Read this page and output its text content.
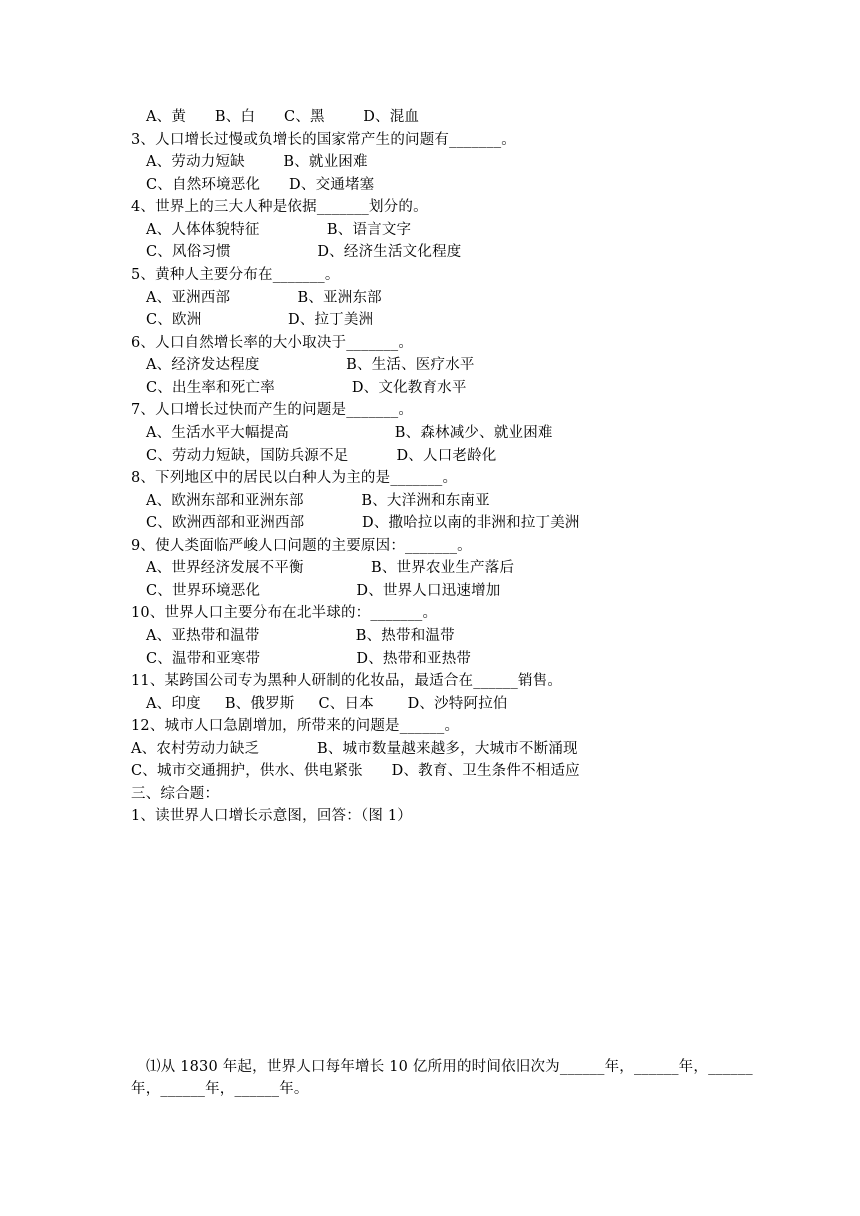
A、黄      B、白      C、黑        D、混血
3、人口增长过慢或负增长的国家常产生的问题有_______。
A、劳动力短缺        B、就业困难
C、自然环境恶化      D、交通堵塞
4、世界上的三大人种是依据_______划分的。
A、人体体貌特征              B、语言文字
C、风俗习惯                  D、经济生活文化程度
5、黄种人主要分布在_______。
A、亚洲西部              B、亚洲东部
C、欧洲                  D、拉丁美洲
6、人口自然增长率的大小取决于_______。
A、经济发达程度                  B、生活、医疗水平
C、出生率和死亡率                D、文化教育水平
7、人口增长过快而产生的问题是_______。
A、生活水平大幅提高                      B、森林减少、就业困难
C、劳动力短缺，国防兵源不足          D、人口老龄化
8、下列地区中的居民以白种人为主的是_______。
A、欧洲东部和亚洲东部            B、大洋洲和东南亚
C、欧洲西部和亚洲西部            D、撒哈拉以南的非洲和拉丁美洲
9、使人类面临严峻人口问题的主要原因：_______。
A、世界经济发展不平衡              B、世界农业生产落后
C、世界环境恶化                    D、世界人口迅速增加
10、世界人口主要分布在北半球的：_______。
A、亚热带和温带                    B、热带和温带
C、温带和亚寒带                    D、热带和亚热带
11、某跨国公司专为黑种人研制的化妆品，最适合在______销售。
A、印度     B、俄罗斯     C、日本       D、沙特阿拉伯
12、城市人口急剧增加，所带来的问题是______。
A、农村劳动力缺乏            B、城市数量越来越多，大城市不断涌现
C、城市交通拥护，供水、供电紧张      D、教育、卫生条件不相适应
三、综合题：
1、读世界人口增长示意图，回答：（图 1）
⑴从 1830 年起，世界人口每年增长 10 亿所用的时间依旧次为______年，______年，______
年，______年，______年。
